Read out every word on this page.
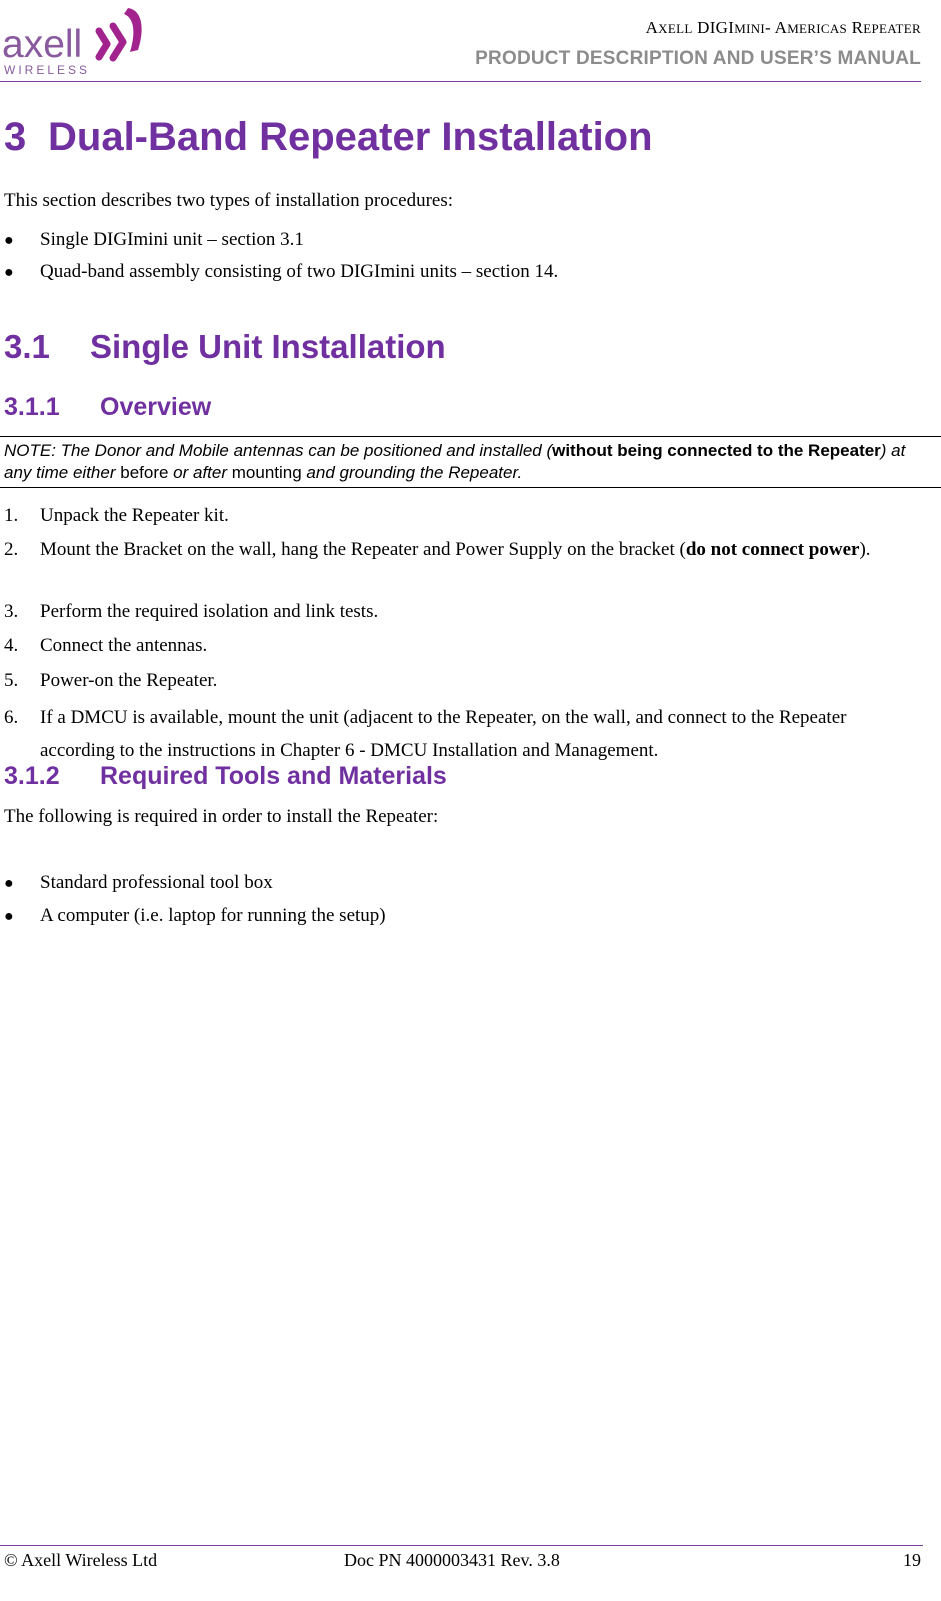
axell
WIRELESS
AXELL DIGIMINI- AMERICAS REPEATER
PRODUCT DESCRIPTION AND USER’S MANUAL
3 Dual-Band Repeater Installation

This section describes two types of installation procedures:

● Single DIGImini unit – section 3.1
● Quad-band assembly consisting of two DIGImini units – section 14.
3.1 Single Unit Installation
3.1.1 Overview
NOTE: The Donor and Mobile antennas can be positioned and installed (without being connected to the Repeater) at any time either before or after mounting and grounding the Repeater.
1. Unpack the Repeater kit.
2. Mount the Bracket on the wall, hang the Repeater and Power Supply on the bracket (do not connect power).
3. Perform the required isolation and link tests.
4. Connect the antennas.
5. Power-on the Repeater.
6. If a DMCU is available, mount the unit (adjacent to the Repeater, on the wall, and connect to the Repeater according to the instructions in Chapter 6 - DMCU Installation and Management.
3.1.2 Required Tools and Materials

The following is required in order to install the Repeater:

● Standard professional tool box
● A computer (i.e. laptop for running the setup)
© Axell Wireless Ltd	Doc PN 4000003431 Rev. 3.8	19
